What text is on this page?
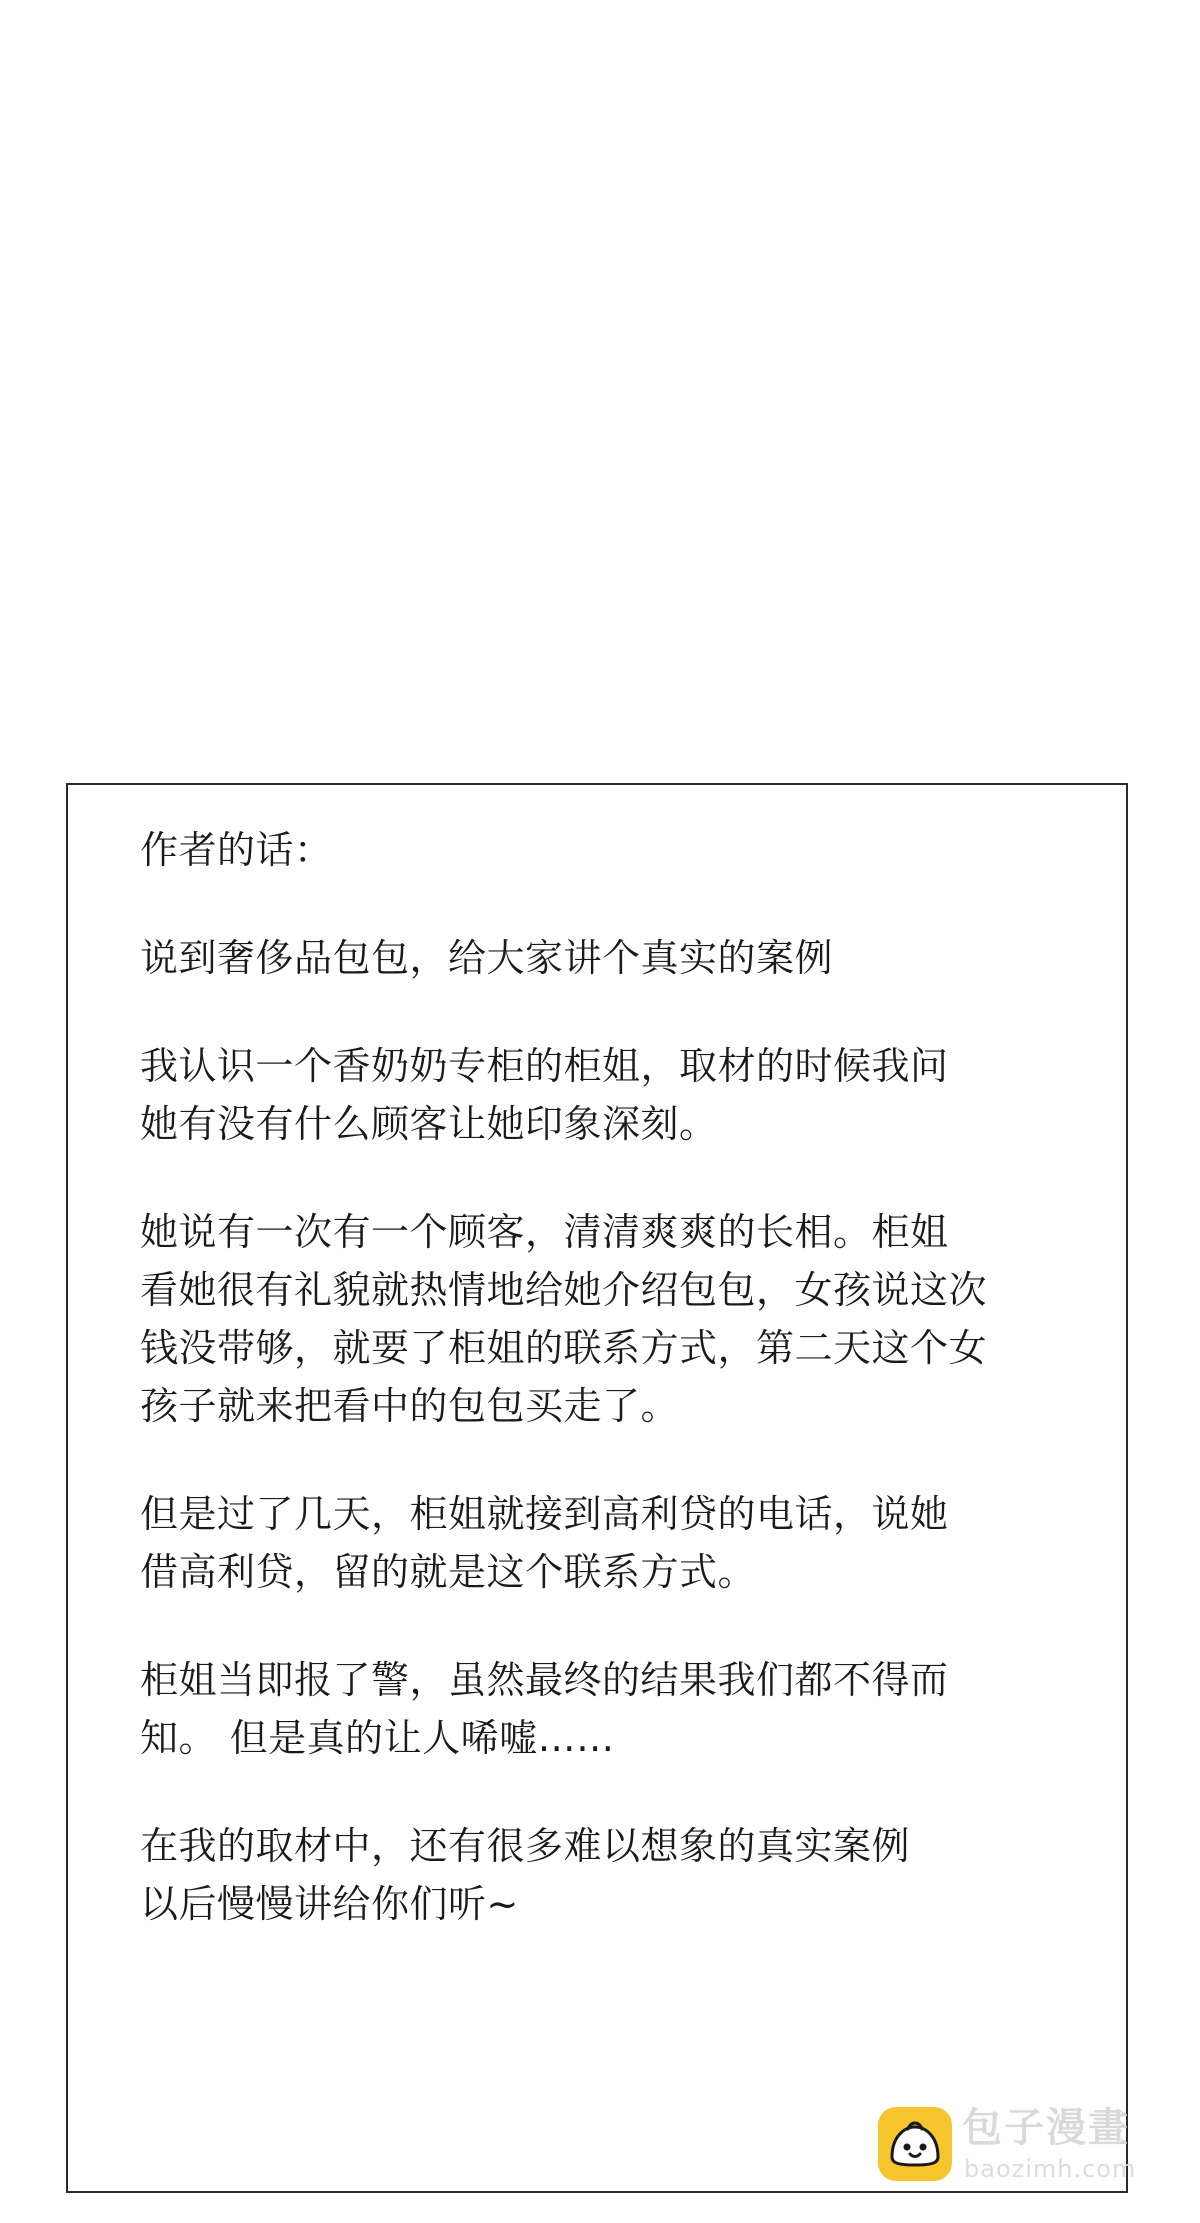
作者的话：

说到奢侈品包包，给大家讲个真实的案例

我认识一个香奶奶专柜的柜姐，取材的时候我问
她有没有什么顾客让她印象深刻。

她说有一次有一个顾客，清清爽爽的长相。柜姐
看她很有礼貌就热情地给她介绍包包，女孩说这次
钱没带够，就要了柜姐的联系方式，第二天这个女
孩子就来把看中的包包买走了。

但是过了几天，柜姐就接到高利贷的电话，说她
借高利贷，留的就是这个联系方式。

柜姐当即报了警，虽然最终的结果我们都不得而
知。 但是真的让人唏嘘……

在我的取材中，还有很多难以想象的真实案例
以后慢慢讲给你们听~

包子漫畫
baozimh.com
